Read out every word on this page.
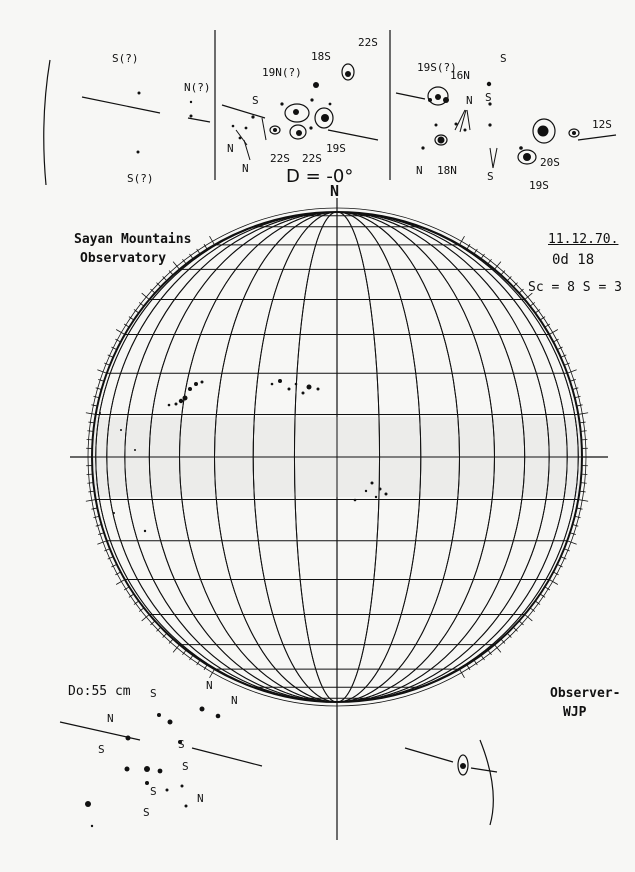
N
D = -0°
Sayan Mountains
Observatory
11.12.70.
0d 18
Sc = 8 S = 3
Do:55 cm	Observer-
WJP
S(?)
N(?)
S(?)
22S
18S
19N(?)
S
N
N
22S 22S
19S
19S(?)
16N
S
S
N
N 18N	S
12S
20S
19S
S
N
N
N
S
S
S
S
N
S
